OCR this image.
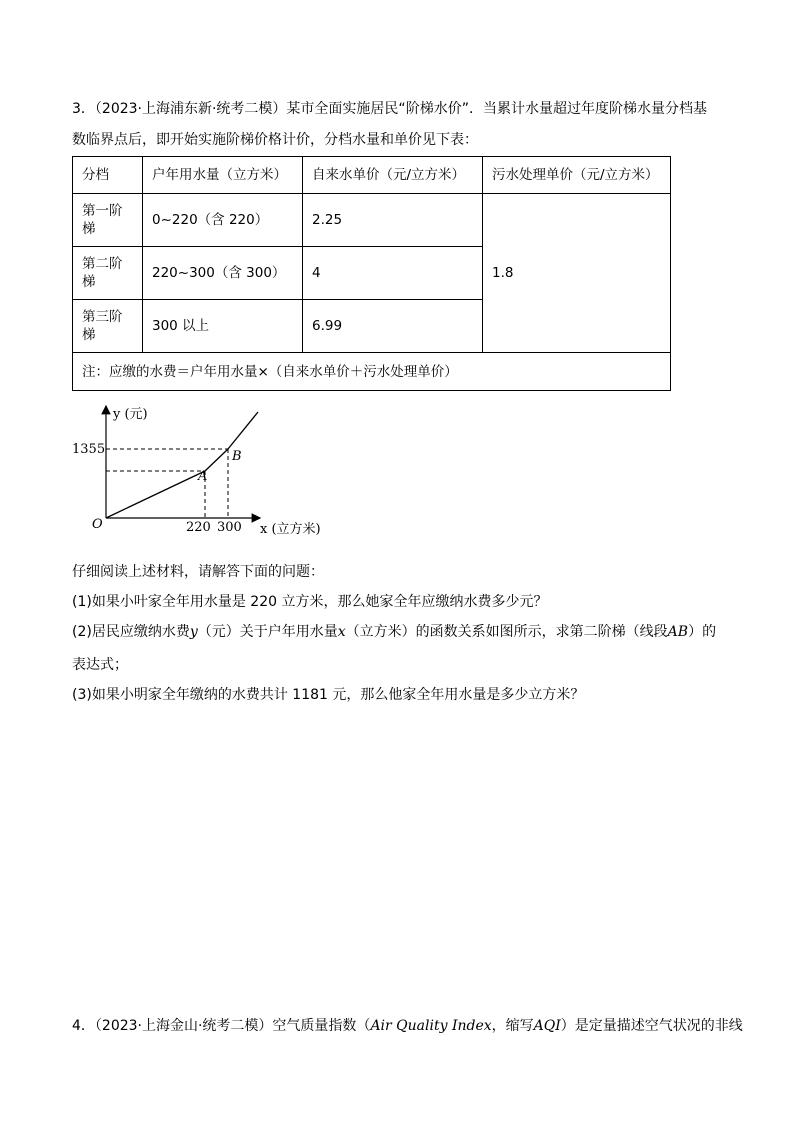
3．（2023·上海浦东新·统考二模）某市全面实施居民“阶梯水价”．当累计水量超过年度阶梯水量分档基
数临界点后，即开始实施阶梯价格计价，分档水量和单价见下表：
分档	户年用水量（立方米）	自来水单价（元/立方米）	污水处理单价（元/立方米）
第一阶梯	0~220（含 220）	2.25	1.8
第二阶梯	220~300（含 300）	4	
第三阶梯	300 以上	6.99	
注：应缴的水费＝户年用水量×（自来水单价＋污水处理单价）			
y (元)
x (立方米)
O
1355
220 300
A
B
仔细阅读上述材料，请解答下面的问题：
(1)如果小叶家全年用水量是 220 立方米，那么她家全年应缴纳水费多少元？
(2)居民应缴纳水费y（元）关于户年用水量x（立方米）的函数关系如图所示，求第二阶梯（线段AB）的
表达式；
(3)如果小明家全年缴纳的水费共计 1181 元，那么他家全年用水量是多少立方米？
4．（2023·上海金山·统考二模）空气质量指数（Air Quality Index，缩写AQI）是定量描述空气状况的非线
